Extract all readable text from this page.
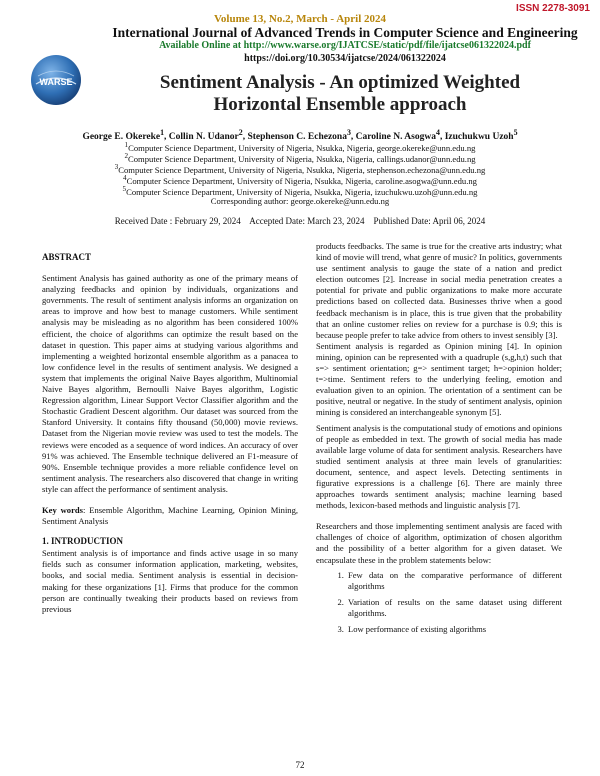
ISSN 2278-3091
Volume 13, No.2, March - April 2024
International Journal of Advanced Trends in Computer Science and Engineering
Available Online at http://www.warse.org/IJATCSE/static/pdf/file/ijatcse061322024.pdf
https://doi.org/10.30534/ijatcse/2024/061322024
WARSE	Sentiment Analysis - An optimized Weighted
Horizontal Ensemble approach
George E. Okereke$^1$, Collin N. Udanor$^2$, Stephenson C. Echezona$^3$, Caroline N. Asogwa$^4$, Izuchukwu Uzoh$^5$
$^1$Computer Science Department, University of Nigeria, Nsukka, Nigeria, george.okereke@unn.edu.ng
$^2$Computer Science Department, University of Nigeria, Nsukka, Nigeria, callings.udanor@unn.edu.ng
$^3$Computer Science Department, University of Nigeria, Nsukka, Nigeria, stephenson.echezona@unn.edu.ng
$^4$Computer Science Department, University of Nigeria, Nsukka, Nigeria, caroline.asogwa@unn.edu.ng
$^5$Computer Science Department, University of Nigeria, Nsukka, Nigeria, izuchukwu.uzoh@unn.edu.ng
Corresponding author: george.okereke@unn.edu.ng
Received Date : February 29, 2024 Accepted Date: March 23, 2024 Published Date: April 06, 2024

ABSTRACT

Sentiment Analysis has gained authority as one of the primary means of analyzing feedbacks and opinion by individuals, organizations and governments. The result of sentiment analysis informs an organization on areas to improve and how best to manage customers. While sentiment analysis may be misleading as no algorithm has been considered 100% efficient, the choice of algorithms can optimize the result based on the dataset in question. This paper aims at studying various algorithms and implementing a weighted horizontal ensemble algorithm as a panacea to low confidence level in the results of sentiment analysis. We designed a system that implements the original Naive Bayes algorithm, Multinomial Naive Bayes algorithm, Bernoulli Naive Bayes algorithm, Logistic Regression algorithm, Linear Support Vector Classifier algorithm and the Stochastic Gradient Descent algorithm. Our dataset was sourced from the Stanford University. It contains fifty thousand (50,000) movie reviews. Dataset from the Nigerian movie review was used to test the models. The reviews were encoded as a sequence of word indices. An accuracy of over 91% was achieved. The Ensemble technique delivered an F1-measure of 90%. Ensemble technique provides a more reliable confidence level on sentiment analysis. The researchers also discovered that change in writing style can affect the performance of sentiment analysis.

Key words: Ensemble Algorithm, Machine Learning, Opinion Mining, Sentiment Analysis

1. INTRODUCTION

Sentiment analysis is of importance and finds active usage in so many fields such as consumer information application, marketing, websites, books, and social media. Sentiment analysis is essential in decision-making for these organizations [1]. Firms that produce for the common person are continually tweaking their products based on reviews from previous

products feedbacks. The same is true for the creative arts industry; what kind of movie will trend, what genre of music? In politics, governments use sentiment analysis to gauge the state of a nation and predict election outcomes [2]. Increase in social media penetration creates a potential for private and public organizations to make more accurate predictions based on collected data. Businesses thrive when a good feedback mechanism is in place, this is true given that the probability that an online customer relies on review for a purchase is 0.9; this is because people prefer to take advice from others to invest sensibly [3].

Sentiment analysis is regarded as Opinion mining [4]. In opinion mining, opinion can be represented with a quadruple (s,g,h,t) such that s=> sentiment orientation; g=> sentiment target; h=>opinion holder; t=>time. Sentiment refers to the underlying feeling, emotion and evaluation given to an opinion. The orientation of a sentiment can be positive, neutral or negative. In the study of sentiment analysis, opinion mining is considered an interchangeable synonym [5].

Sentiment analysis is the computational study of emotions and opinions of people as embedded in text. The growth of social media has made available large volume of data for sentiment analysis. Researchers have studied sentiment analysis at three main levels of granularities: document, sentence, and aspect levels. Detecting sentiments in figurative expressions is a challenge [6]. There are mainly three approaches towards sentiment analysis; machine learning based methods, lexicon-based methods and linguistic analysis [7].

Researchers and those implementing sentiment analysis are faced with challenges of choice of algorithm, optimization of chosen algorithm and the possibility of a better algorithm for a given dataset. We encapsulate these in the problem statements below:

1. Few data on the comparative performance of different algorithms
2. Variation of results on the same dataset using different algorithms.
3. Low performance of existing algorithms
72
